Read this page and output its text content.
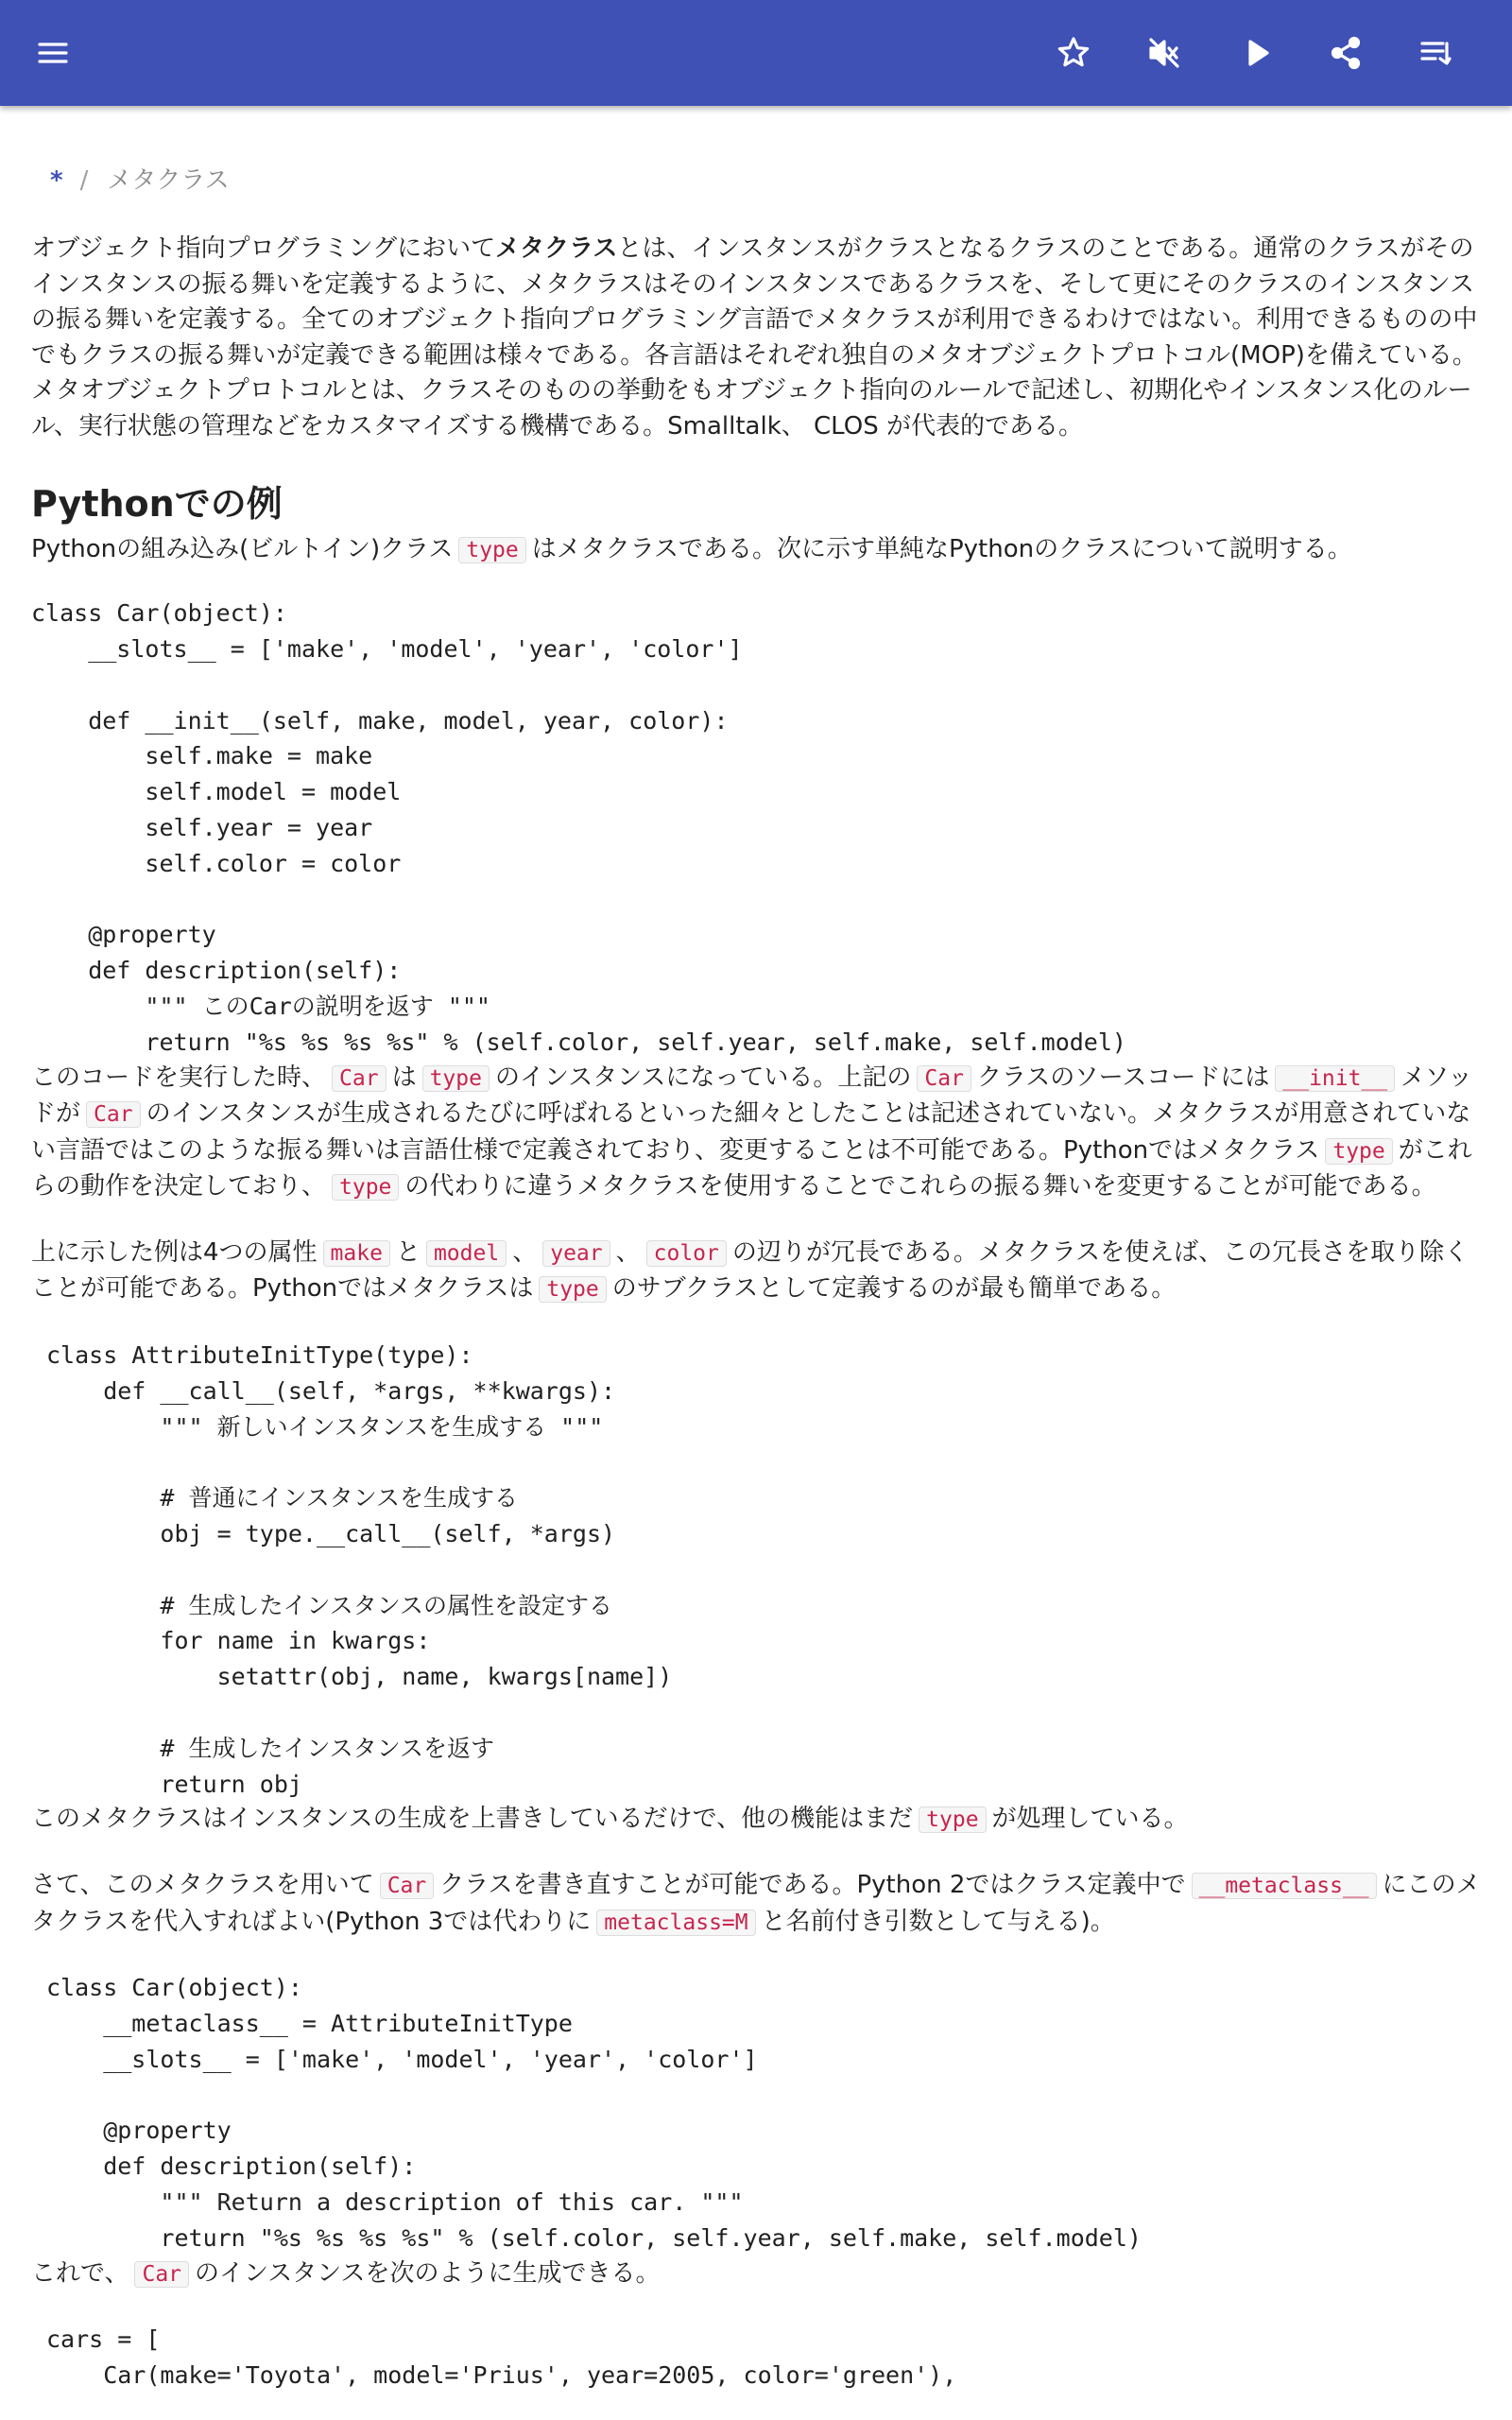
* / メタクラス

オブジェクト指向プログラミングにおいてメタクラスとは、インスタンスがクラスとなるクラスのことである。通常のクラスがそのインスタンスの振る舞いを定義するように、メタクラスはそのインスタンスであるクラスを、そして更にそのクラスのインスタンスの振る舞いを定義する。全てのオブジェクト指向プログラミング言語でメタクラスが利用できるわけではない。利用できるものの中でもクラスの振る舞いが定義できる範囲は様々である。各言語はそれぞれ独自のメタオブジェクトプロトコル(MOP)を備えている。メタオブジェクトプロトコルとは、クラスそのものの挙動をもオブジェクト指向のルールで記述し、初期化やインスタンス化のルール、実行状態の管理などをカスタマイズする機構である。Smalltalk、 CLOS が代表的である。

Pythonでの例

Pythonの組み込み(ビルトイン)クラス type はメタクラスである。次に示す単純なPythonのクラスについて説明する。

class Car(object):
__slots__ = ['make', 'model', 'year', 'color']

def __init__(self, make, model, year, color):
self.make = make
self.model = model
self.year = year
self.color = color

@property
def description(self):
""" このCarの説明を返す """
return "%s %s %s %s" % (self.color, self.year, self.make, self.model)

このコードを実行した時、 Car は type のインスタンスになっている。上記の Car クラスのソースコードには __init__ メソッドが Car のインスタンスが生成されるたびに呼ばれるといった細々としたことは記述されていない。メタクラスが用意されていない言語ではこのような振る舞いは言語仕様で定義されており、変更することは不可能である。Pythonではメタクラス type がこれらの動作を決定しており、 type の代わりに違うメタクラスを使用することでこれらの振る舞いを変更することが可能である。

上に示した例は4つの属性 make と model 、 year 、 color の辺りが冗長である。メタクラスを使えば、この冗長さを取り除くことが可能である。Pythonではメタクラスは type のサブクラスとして定義するのが最も簡単である。

class AttributeInitType(type):
def __call__(self, *args, **kwargs):
""" 新しいインスタンスを生成する """

# 普通にインスタンスを生成する
obj = type.__call__(self, *args)

# 生成したインスタンスの属性を設定する
for name in kwargs:
setattr(obj, name, kwargs[name])

# 生成したインスタンスを返す
return obj

このメタクラスはインスタンスの生成を上書きしているだけで、他の機能はまだ type が処理している。

さて、このメタクラスを用いて Car クラスを書き直すことが可能である。Python 2ではクラス定義中で __metaclass__ にこのメタクラスを代入すればよい(Python 3では代わりに metaclass=M と名前付き引数として与える)。

class Car(object):
__metaclass__ = AttributeInitType
__slots__ = ['make', 'model', 'year', 'color']

@property
def description(self):
""" Return a description of this car. """
return "%s %s %s %s" % (self.color, self.year, self.make, self.model)

これで、 Car のインスタンスを次のように生成できる。

cars = [
Car(make='Toyota', model='Prius', year=2005, color='green'),
